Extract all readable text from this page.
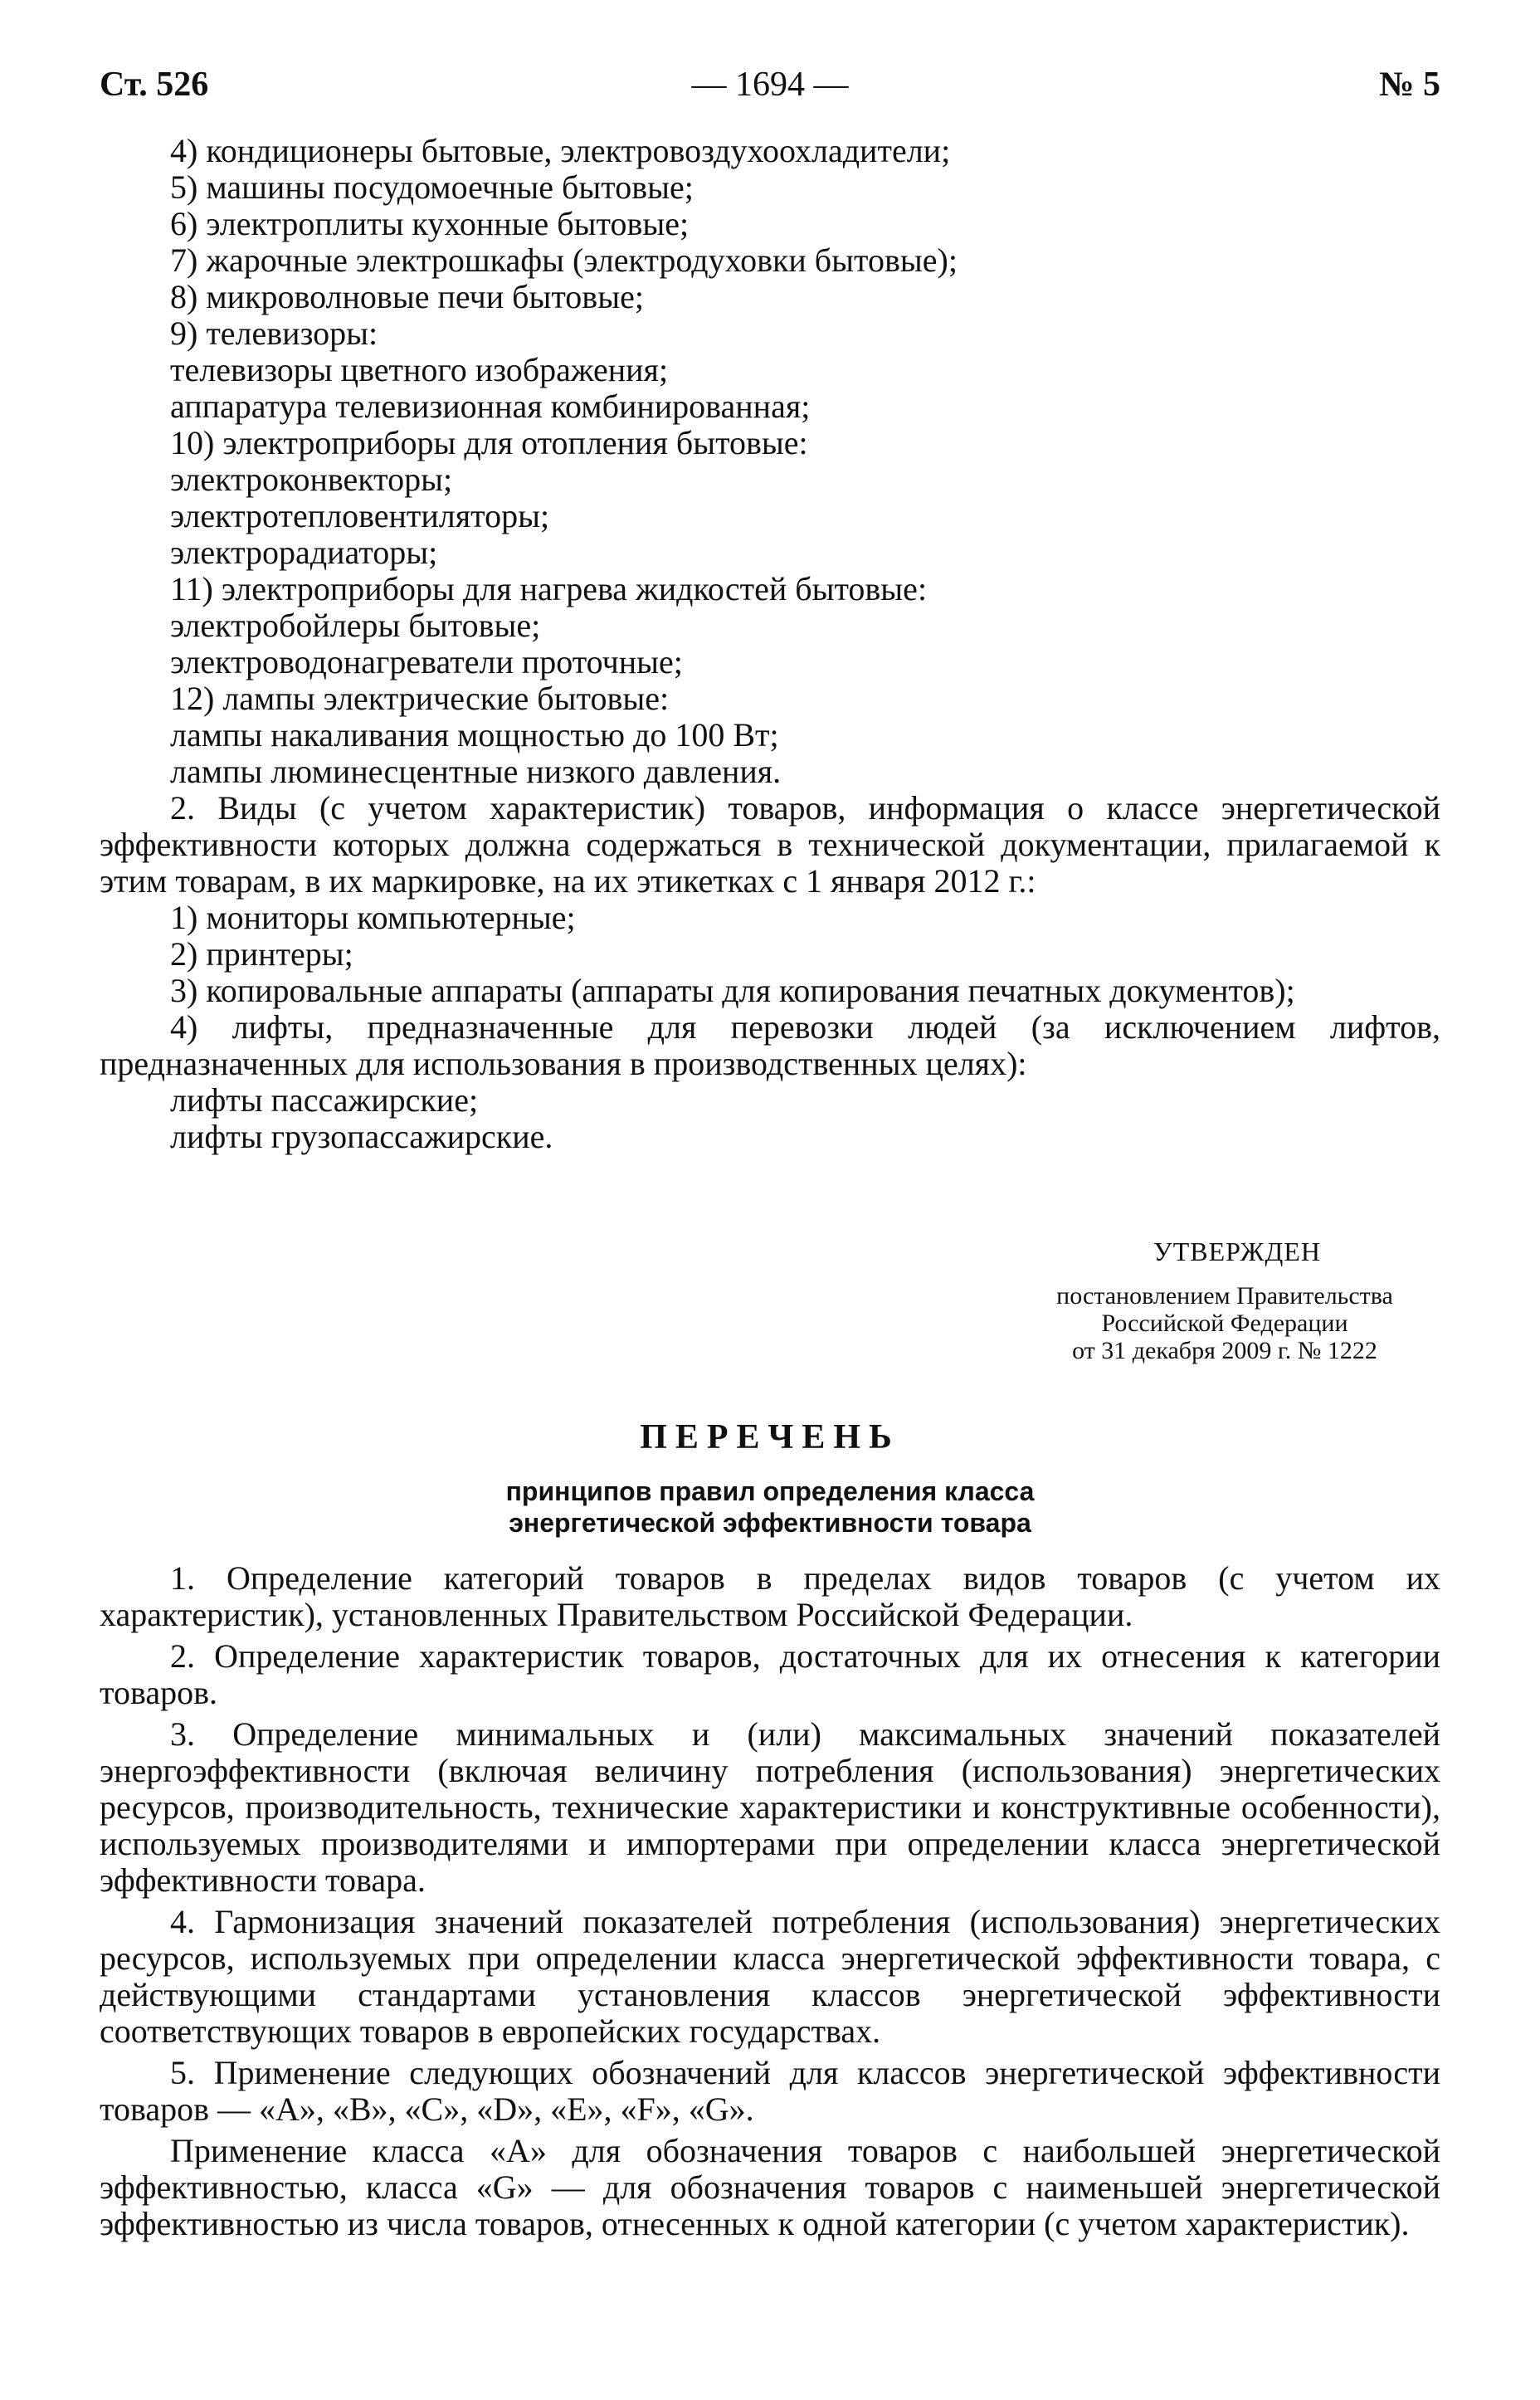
Ст. 526	— 1694 —	№ 5

4) кондиционеры бытовые, электровоздухоохладители;

5) машины посудомоечные бытовые;

6) электроплиты кухонные бытовые;

7) жарочные электрошкафы (электродуховки бытовые);

8) микроволновые печи бытовые;

9) телевизоры:

телевизоры цветного изображения;

аппаратура телевизионная комбинированная;

10) электроприборы для отопления бытовые:

электроконвекторы;

электротепловентиляторы;

электрорадиаторы;

11) электроприборы для нагрева жидкостей бытовые:

электробойлеры бытовые;

электроводонагреватели проточные;

12) лампы электрические бытовые:

лампы накаливания мощностью до 100 Вт;

лампы люминесцентные низкого давления.

2. Виды (с учетом характеристик) товаров, информация о классе энергетической эффективности которых должна содержаться в технической документации, прилагаемой к этим товарам, в их маркировке, на их этикетках с 1 января 2012 г.:

1) мониторы компьютерные;

2) принтеры;

3) копировальные аппараты (аппараты для копирования печатных документов);

4) лифты, предназначенные для перевозки людей (за исключением лифтов, предназначенных для использования в производственных целях):

лифты пассажирские;

лифты грузопассажирские.

УТВЕРЖДЕН
постановлением Правительства
Российской Федерации
от 31 декабря 2009 г. № 1222
ПЕРЕЧЕНЬ
принципов правил определения класса
энергетической эффективности товара

1. Определение категорий товаров в пределах видов товаров (с учетом их характеристик), установленных Правительством Российской Федерации.

2. Определение характеристик товаров, достаточных для их отнесения к категории товаров.

3. Определение минимальных и (или) максимальных значений показателей энергоэффективности (включая величину потребления (использования) энергетических ресурсов, производительность, технические характеристики и конструктивные особенности), используемых производителями и импортерами при определении класса энергетической эффективности товара.

4. Гармонизация значений показателей потребления (использования) энергетических ресурсов, используемых при определении класса энергетической эффективности товара, с действующими стандартами установления классов энергетической эффективности соответствующих товаров в европейских государствах.

5. Применение следующих обозначений для классов энергетической эффективности товаров — «A», «B», «C», «D», «E», «F», «G».

Применение класса «A» для обозначения товаров с наибольшей энергетической эффективностью, класса «G» — для обозначения товаров с наименьшей энергетической эффективностью из числа товаров, отнесенных к одной категории (с учетом характеристик).
